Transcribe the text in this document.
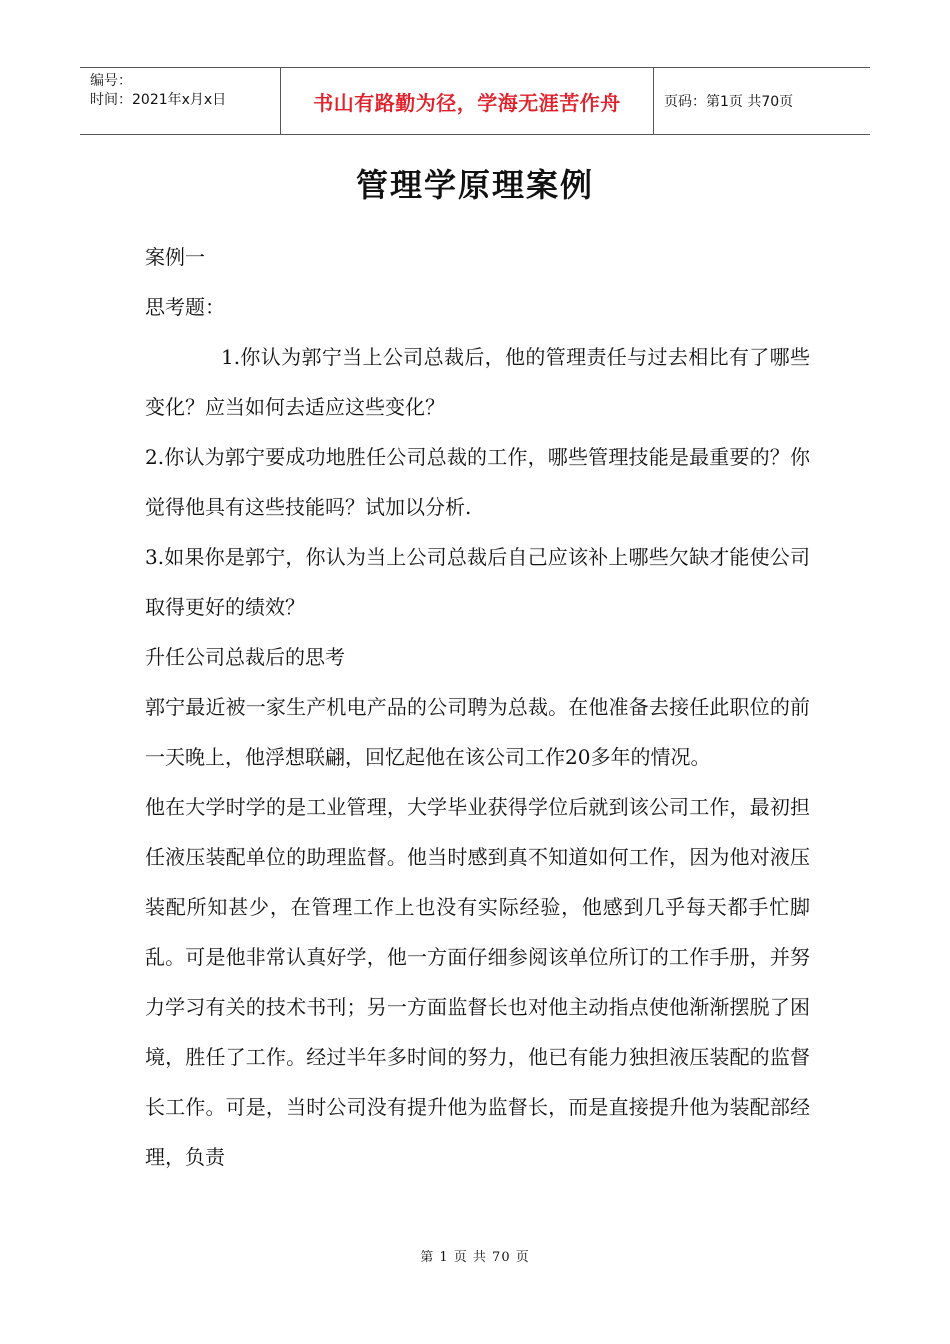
编号：
时间：2021年x月x日	书山有路勤为径，学海无涯苦作舟	页码：第1页 共70页
管理学原理案例

案例一

思考题：

1.你认为郭宁当上公司总裁后，他的管理责任与过去相比有了哪些变化？应当如何去适应这些变化？

2.你认为郭宁要成功地胜任公司总裁的工作，哪些管理技能是最重要的？你觉得他具有这些技能吗？试加以分析.

3.如果你是郭宁，你认为当上公司总裁后自己应该补上哪些欠缺才能使公司取得更好的绩效？

升任公司总裁后的思考

郭宁最近被一家生产机电产品的公司聘为总裁。在他准备去接任此职位的前一天晚上，他浮想联翩，回忆起他在该公司工作20多年的情况。

他在大学时学的是工业管理，大学毕业获得学位后就到该公司工作，最初担任液压装配单位的助理监督。他当时感到真不知道如何工作，因为他对液压装配所知甚少，在管理工作上也没有实际经验，他感到几乎每天都手忙脚乱。可是他非常认真好学，他一方面仔细参阅该单位所订的工作手册，并努力学习有关的技术书刊；另一方面监督长也对他主动指点使他渐渐摆脱了困境，胜任了工作。经过半年多时间的努力，他已有能力独担液压装配的监督长工作。可是，当时公司没有提升他为监督长，而是直接提升他为装配部经理，负责

第 1 页 共 70 页
